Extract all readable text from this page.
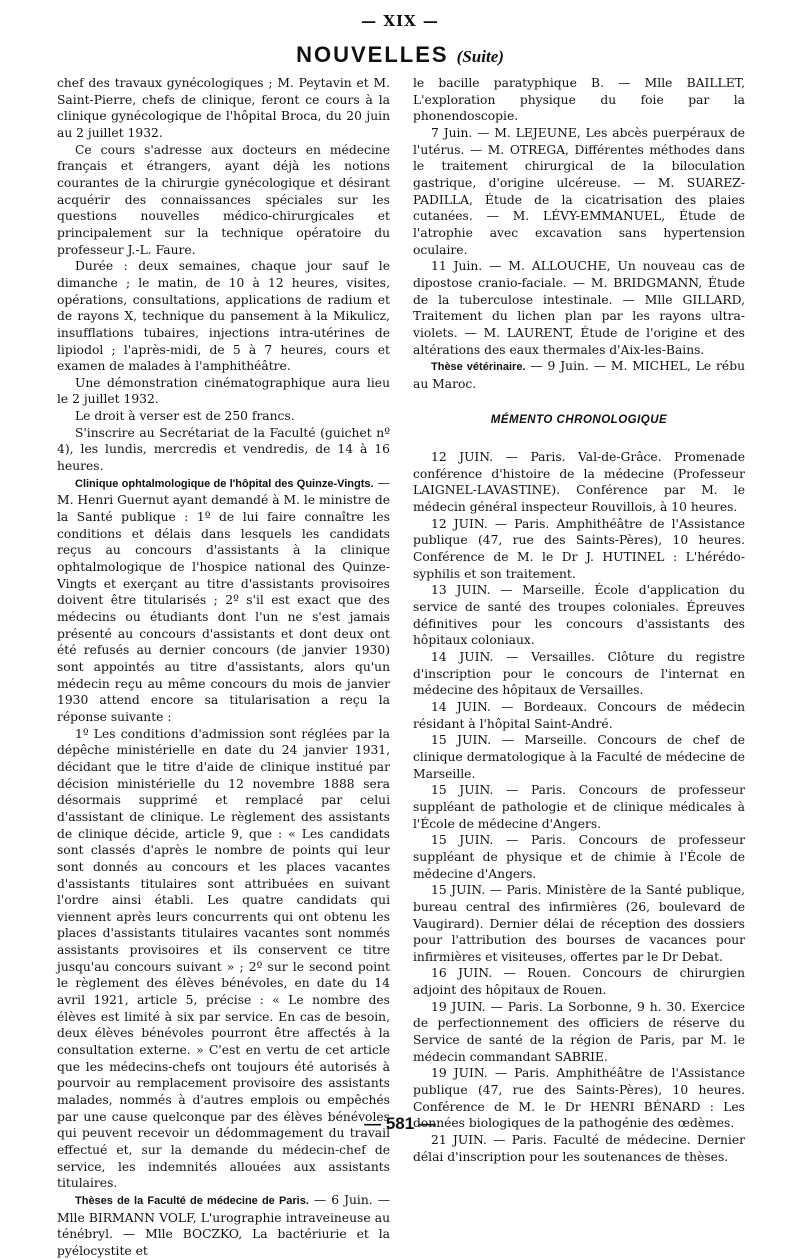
— XIX —
NOUVELLES (Suite)

chef des travaux gynécologiques ; M. Peytavin et M. Saint-Pierre, chefs de clinique, feront ce cours à la clinique gynécologique de l'hôpital Broca, du 20 juin au 2 juillet 1932.

Ce cours s'adresse aux docteurs en médecine français et étrangers, ayant déjà les notions courantes de la chirurgie gynécologique et désirant acquérir des connaissances spéciales sur les questions nouvelles médico-chirurgicales et principalement sur la technique opératoire du professeur J.-L. Faure.

Durée : deux semaines, chaque jour sauf le dimanche ; le matin, de 10 à 12 heures, visites, opérations, consultations, applications de radium et de rayons X, technique du pansement à la Mikulicz, insufflations tubaires, injections intra-utérines de lipiodol ; l'après-midi, de 5 à 7 heures, cours et examen de malades à l'amphithéâtre.

Une démonstration cinématographique aura lieu le 2 juillet 1932.

Le droit à verser est de 250 francs.

S'inscrire au Secrétariat de la Faculté (guichet nº 4), les lundis, mercredis et vendredis, de 14 à 16 heures.

Clinique ophtalmologique de l'hôpital des Quinze-Vingts. — M. Henri Guernut ayant demandé à M. le ministre de la Santé publique : 1º de lui faire connaître les conditions et délais dans lesquels les candidats reçus au concours d'assistants à la clinique ophtalmologique de l'hospice national des Quinze-Vingts et exerçant au titre d'assistants provisoires doivent être titularisés ; 2º s'il est exact que des médecins ou étudiants dont l'un ne s'est jamais présenté au concours d'assistants et dont deux ont été refusés au dernier concours (de janvier 1930) sont appointés au titre d'assistants, alors qu'un médecin reçu au même concours du mois de janvier 1930 attend encore sa titularisation a reçu la réponse suivante :

1º Les conditions d'admission sont réglées par la dépêche ministérielle en date du 24 janvier 1931, décidant que le titre d'aide de clinique institué par décision ministérielle du 12 novembre 1888 sera désormais supprimé et remplacé par celui d'assistant de clinique. Le règlement des assistants de clinique décide, article 9, que : « Les candidats sont classés d'après le nombre de points qui leur sont donnés au concours et les places vacantes d'assistants titulaires sont attribuées en suivant l'ordre ainsi établi. Les quatre candidats qui viennent après leurs concurrents qui ont obtenu les places d'assistants titulaires vacantes sont nommés assistants provisoires et ils conservent ce titre jusqu'au concours suivant » ; 2º sur le second point le règlement des élèves bénévoles, en date du 14 avril 1921, article 5, précise : « Le nombre des élèves est limité à six par service. En cas de besoin, deux élèves bénévoles pourront être affectés à la consultation externe. » C'est en vertu de cet article que les médecins-chefs ont toujours été autorisés à pourvoir au remplacement provisoire des assistants malades, nommés à d'autres emplois ou empêchés par une cause quelconque par des élèves bénévoles qui peuvent recevoir un dédommagement du travail effectué et, sur la demande du médecin-chef de service, les indemnités allouées aux assistants titulaires.

Thèses de la Faculté de médecine de Paris. — 6 Juin. — Mlle BIRMANN VOLF, L'urographie intraveineuse au ténébryl. — Mlle BOCZKO, La bactériurie et la pyélocystite et

le bacille paratyphique B. — Mlle BAILLET, L'exploration physique du foie par la phonendoscopie.

7 Juin. — M. LEJEUNE, Les abcès puerpéraux de l'utérus. — M. OTREGA, Différentes méthodes dans le traitement chirurgical de la biloculation gastrique, d'origine ulcéreuse. — M. SUAREZ-PADILLA, Étude de la cicatrisation des plaies cutanées. — M. LÉVY-EMMANUEL, Étude de l'atrophie avec excavation sans hypertension oculaire.

11 Juin. — M. ALLOUCHE, Un nouveau cas de dipostose cranio-faciale. — M. BRIDGMANN, Étude de la tuberculose intestinale. — Mlle GILLARD, Traitement du lichen plan par les rayons ultra-violets. — M. LAURENT, Étude de l'origine et des altérations des eaux thermales d'Aix-les-Bains.

Thèse vétérinaire. — 9 Juin. — M. MICHEL, Le rébu au Maroc.

MÉMENTO CHRONOLOGIQUE

12 JUIN. — Paris. Val-de-Grâce. Promenade conférence d'histoire de la médecine (Professeur LAIGNEL-LAVASTINE). Conférence par M. le médecin général inspecteur Rouvillois, à 10 heures.

12 JUIN. — Paris. Amphithéâtre de l'Assistance publique (47, rue des Saints-Pères), 10 heures. Conférence de M. le Dr J. HUTINEL : L'hérédo-syphilis et son traitement.

13 JUIN. — Marseille. École d'application du service de santé des troupes coloniales. Épreuves définitives pour les concours d'assistants des hôpitaux coloniaux.

14 JUIN. — Versailles. Clôture du registre d'inscription pour le concours de l'internat en médecine des hôpitaux de Versailles.

14 JUIN. — Bordeaux. Concours de médecin résidant à l'hôpital Saint-André.

15 JUIN. — Marseille. Concours de chef de clinique dermatologique à la Faculté de médecine de Marseille.

15 JUIN. — Paris. Concours de professeur suppléant de pathologie et de clinique médicales à l'École de médecine d'Angers.

15 JUIN. — Paris. Concours de professeur suppléant de physique et de chimie à l'École de médecine d'Angers.

15 JUIN. — Paris. Ministère de la Santé publique, bureau central des infirmières (26, boulevard de Vaugirard). Dernier délai de réception des dossiers pour l'attribution des bourses de vacances pour infirmières et visiteuses, offertes par le Dr Debat.

16 JUIN. — Rouen. Concours de chirurgien adjoint des hôpitaux de Rouen.

19 JUIN. — Paris. La Sorbonne, 9 h. 30. Exercice de perfectionnement des officiers de réserve du Service de santé de la région de Paris, par M. le médecin commandant SABRIE.

19 JUIN. — Paris. Amphithéâtre de l'Assistance publique (47, rue des Saints-Pères), 10 heures. Conférence de M. le Dr HENRI BÉNARD : Les données biologiques de la pathogénie des œdèmes.

21 JUIN. — Paris. Faculté de médecine. Dernier délai d'inscription pour les soutenances de thèses.

— 581 —
